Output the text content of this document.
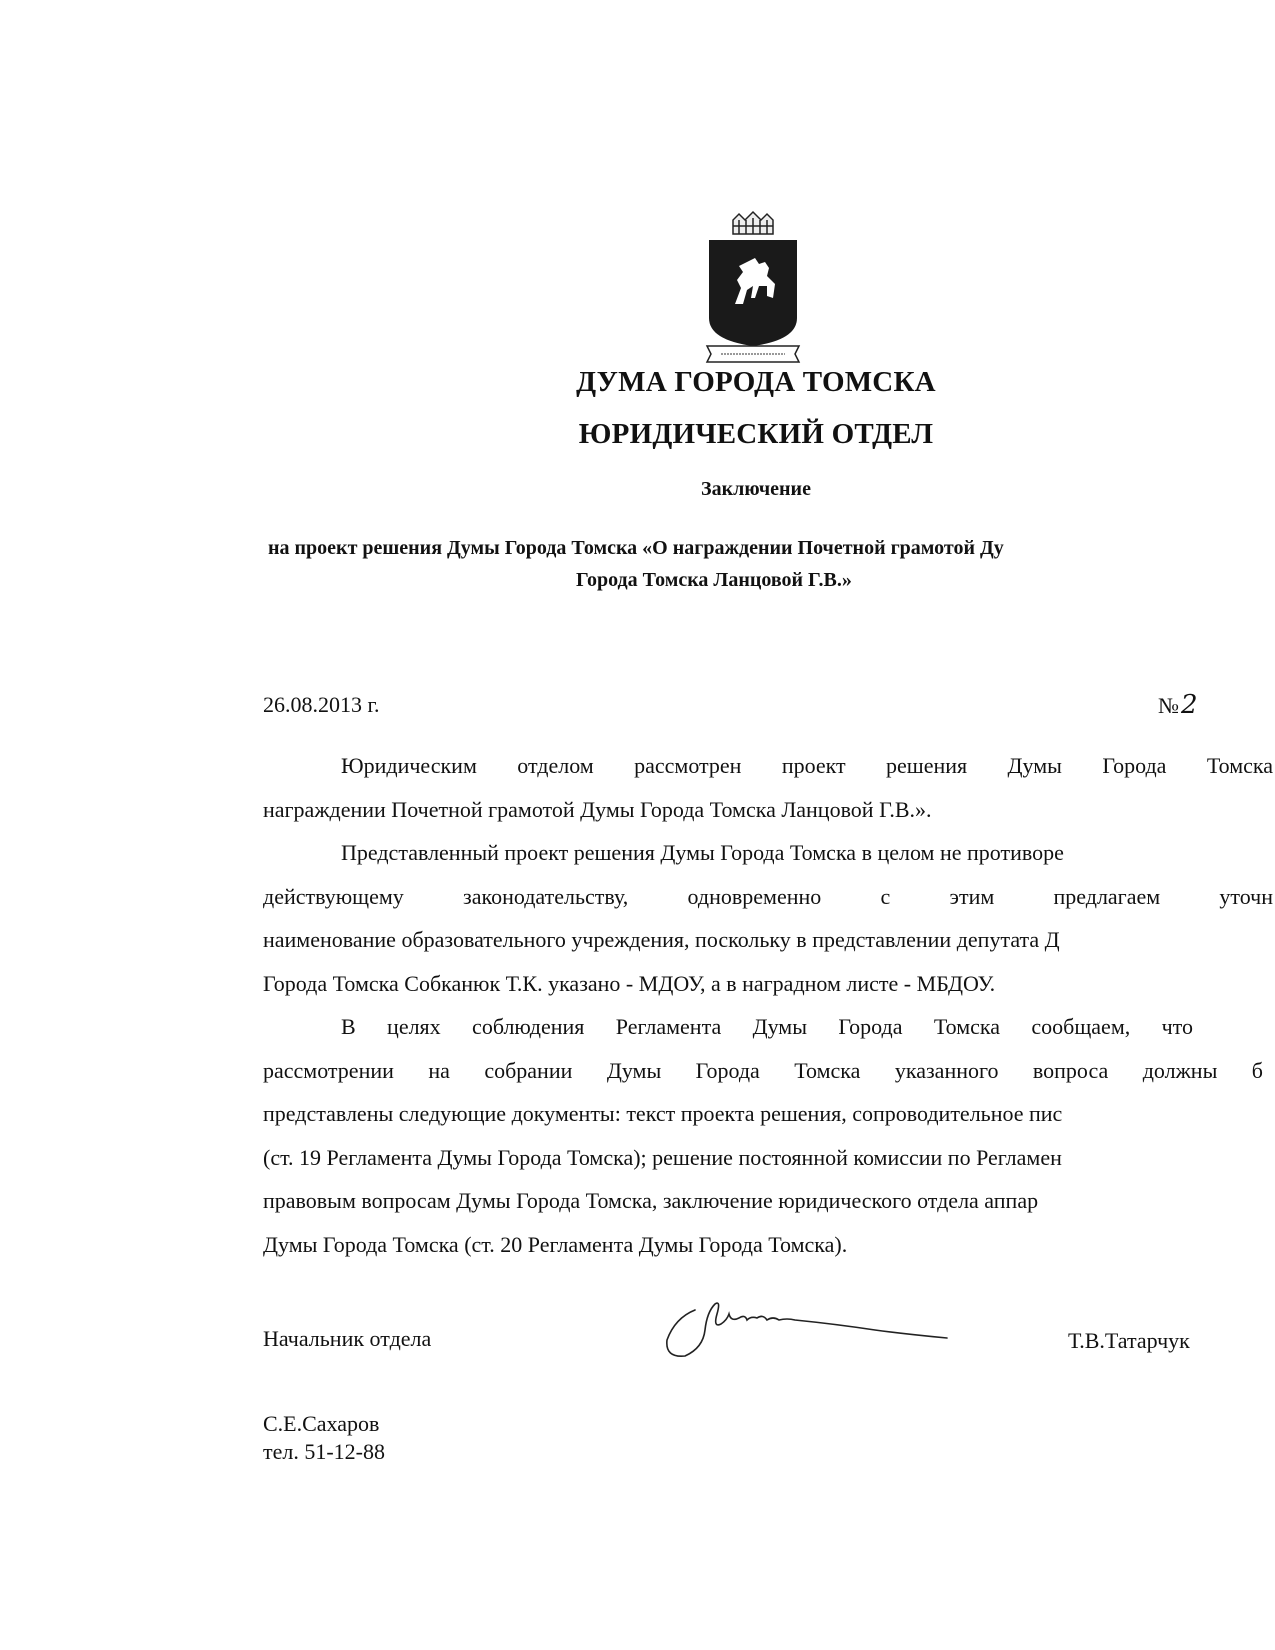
ДУМА ГОРОДА ТОМСКА
ЮРИДИЧЕСКИЙ ОТДЕЛ
Заключение
на проект решения Думы Города Томска «О награждении Почетной грамотой Ду
Города Томска Ланцовой Г.В.»
26.08.2013 г.	№2

Юридическим отделом рассмотрен проект решения Думы Города Томска
награждении Почетной грамотой Думы Города Томска Ланцовой Г.В.».

Представленный проект решения Думы Города Томска в целом не противоре
действующему законодательству, одновременно с этим предлагаем уточн
наименование образовательного учреждения, поскольку в представлении депутата Д
Города Томска Собканюк Т.К. указано - МДОУ, а в наградном листе - МБДОУ.

В целях соблюдения Регламента Думы Города Томска сообщаем, что
рассмотрении на собрании Думы Города Томска указанного вопроса должны б
представлены следующие документы: текст проекта решения, сопроводительное пис
(ст. 19 Регламента Думы Города Томска); решение постоянной комиссии по Регламен
правовым вопросам Думы Города Томска, заключение юридического отдела аппар
Думы Города Томска (ст. 20 Регламента Думы Города Томска).

Начальник отдела	Т.В.Татарчук
С.Е.Сахаров
тел. 51-12-88
